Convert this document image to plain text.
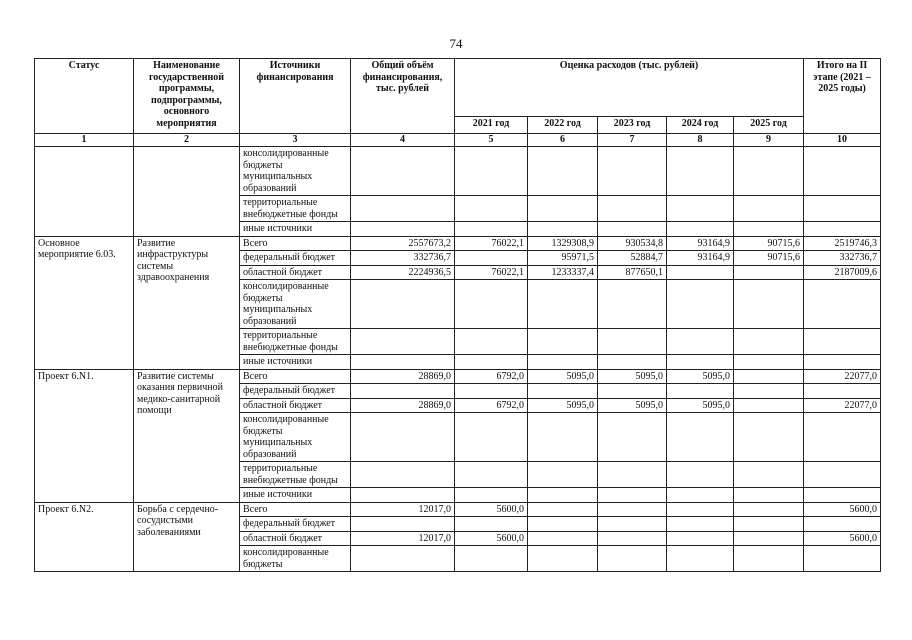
74
Статус	Наименование государственной программы, подпрограммы, основного мероприятия	Источники финансирования	Общий объём финансирования, тыс. рублей	Оценка расходов (тыс. рублей)					Итого на II этапе (2021 – 2025 годы)
				2021 год	2022 год	2023 год	2024 год	2025 год	
1	2	3	4	5	6	7	8	9	10
		консолидированные бюджеты муниципальных образований							
		территориальные внебюджетные фонды							
		иные источники							
Основное мероприятие 6.03.	Развитие инфраструктуры системы здравоохранения	Всего	2557673,2	76022,1	1329308,9	930534,8	93164,9	90715,6	2519746,3
		федеральный бюджет	332736,7		95971,5	52884,7	93164,9	90715,6	332736,7
		областной бюджет	2224936,5	76022,1	1233337,4	877650,1			2187009,6
		консолидированные бюджеты муниципальных образований							
		территориальные внебюджетные фонды							
		иные источники							
Проект 6.N1.	Развитие системы оказания первичной медико-санитарной помощи	Всего	28869,0	6792,0	5095,0	5095,0	5095,0		22077,0
		федеральный бюджет							
		областной бюджет	28869,0	6792,0	5095,0	5095,0	5095,0		22077,0
		консолидированные бюджеты муниципальных образований							
		территориальные внебюджетные фонды							
		иные источники							
Проект 6.N2.	Борьба с сердечно-сосудистыми заболеваниями	Всего	12017,0	5600,0					5600,0
		федеральный бюджет							
		областной бюджет	12017,0	5600,0					5600,0
		консолидированные бюджеты							
